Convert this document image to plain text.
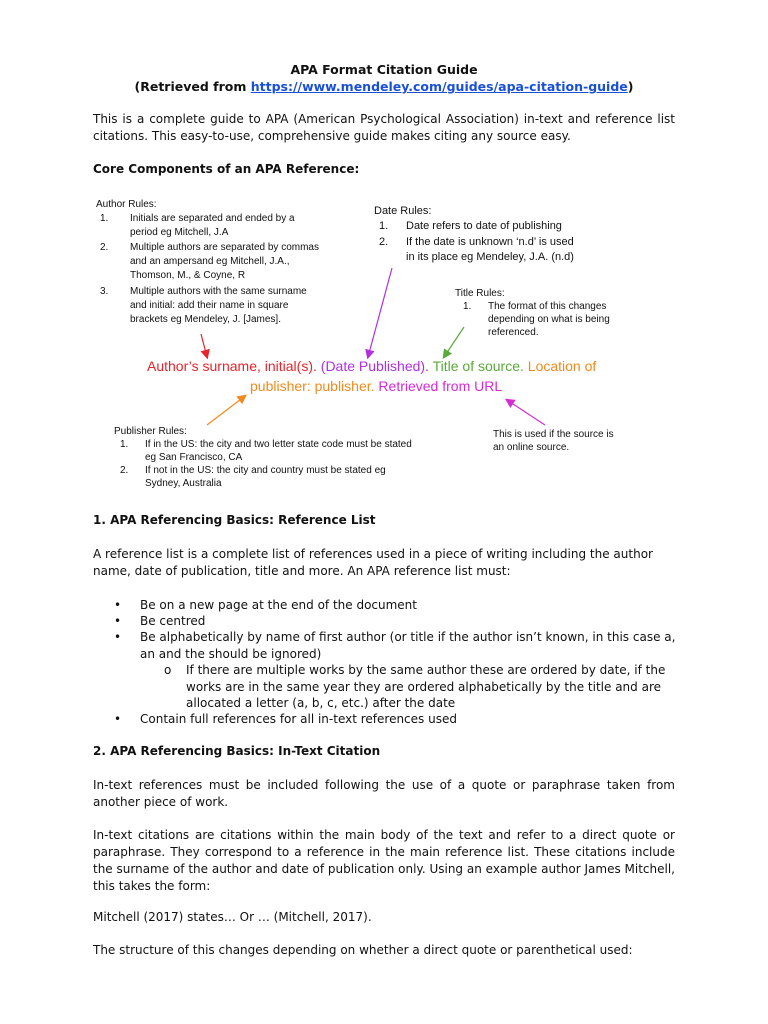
APA Format Citation Guide
(Retrieved from https://www.mendeley.com/guides/apa-citation-guide)
This is a complete guide to APA (American Psychological Association) in-text and reference list citations. This easy-to-use, comprehensive guide makes citing any source easy.
Core Components of an APA Reference:
Author Rules:
1. Initials are separated and ended by a
period eg Mitchell, J.A
2. Multiple authors are separated by commas
and an ampersand eg Mitchell, J.A.,
Thomson, M., & Coyne, R
3. Multiple authors with the same surname
and initial: add their name in square
brackets eg Mendeley, J. [James].
Date Rules:
1. Date refers to date of publishing
2. If the date is unknown ‘n.d’ is used
in its place eg Mendeley, J.A. (n.d)
Title Rules:
1. The format of this changes
depending on what is being
referenced.
Author’s surname, initial(s). (Date Published). Title of source. Location of
publisher: publisher. Retrieved from URL
Publisher Rules:
1. If in the US: the city and two letter state code must be stated
eg San Francisco, CA
2. If not in the US: the city and country must be stated eg
Sydney, Australia
This is used if the source is
an online source.
1. APA Referencing Basics: Reference List
A reference list is a complete list of references used in a piece of writing including the author name, date of publication, title and more. An APA reference list must:
• Be on a new page at the end of the document
• Be centred
• Be alphabetically by name of first author (or title if the author isn’t known, in this case a, an and the should be ignored)
o If there are multiple works by the same author these are ordered by date, if the works are in the same year they are ordered alphabetically by the title and are allocated a letter (a, b, c, etc.) after the date
• Contain full references for all in-text references used
2. APA Referencing Basics: In-Text Citation
In-text references must be included following the use of a quote or paraphrase taken from another piece of work.
In-text citations are citations within the main body of the text and refer to a direct quote or paraphrase. They correspond to a reference in the main reference list. These citations include the surname of the author and date of publication only. Using an example author James Mitchell, this takes the form:
Mitchell (2017) states… Or … (Mitchell, 2017).
The structure of this changes depending on whether a direct quote or parenthetical used:
